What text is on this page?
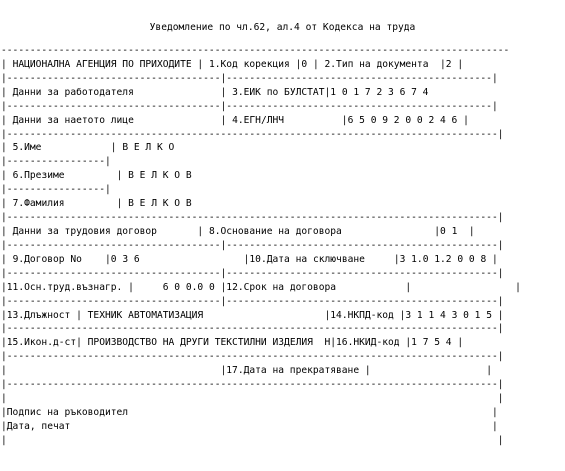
Уведомление по чл.62, ал.4 от Кодекса на труда
----------------------------------------------------------------------------------------
| НАЦИОНАЛНА АГЕНЦИЯ ПО ПРИХОДИТЕ | 1.Код корекция |0 | 2.Тип на документа  |2 |
|-------------------------------------|----------------------------------------------|
| Данни за работодателя               | 3.ЕИК по БУЛСТАТ|1 0 1 7 2 3 6 7 4
|-------------------------------------|----------------------------------------------|
| Данни за наетото лице               | 4.ЕГН/ЛНЧ          |6 5 0 9 2 0 0 2 4 6 |
|-------------------------------------------------------------------------------------|
| 5.Име            | В Е Л К О
|-----------------|
| 6.Презиме         | В Е Л К О В
|-----------------|
| 7.Фамилия         | В Е Л К О В
|-------------------------------------------------------------------------------------|
| Данни за трудовия договор       | 8.Основание на договора                |0 1  |
|-------------------------------------|-----------------------------------------------|
| 9.Договор No    |0 3 6                  |10.Дата на сключване     |3 1.0 1.2 0 0 8 |
|-------------------------------------|-----------------------------------------------|
|11.Осн.труд.възнагр. |     6 0 0.0 0 |12.Срок на договора            |	|
|-------------------------------------|-----------------------------------------------|
|13.Длъжност | ТЕХНИК АВТОМАТИЗАЦИЯ                     |14.НКПД-код |3 1 1 4 3 0 1 5 |
|-------------------------------------------------------------------------------------|
|15.Икон.д-ст| ПРОИЗВОДСТВО НА ДРУГИ ТЕКСТИЛНИ ИЗДЕЛИЯ  Н|16.НКИД-код |1 7 5 4 |
|-------------------------------------------------------------------------------------|
|                                     |17.Дата на прекратяване |	|
|-------------------------------------------------------------------------------------|
|                                                                                     |
|Подпис на ръководител	|
|Дата, печат	|
|                                                                                     |
